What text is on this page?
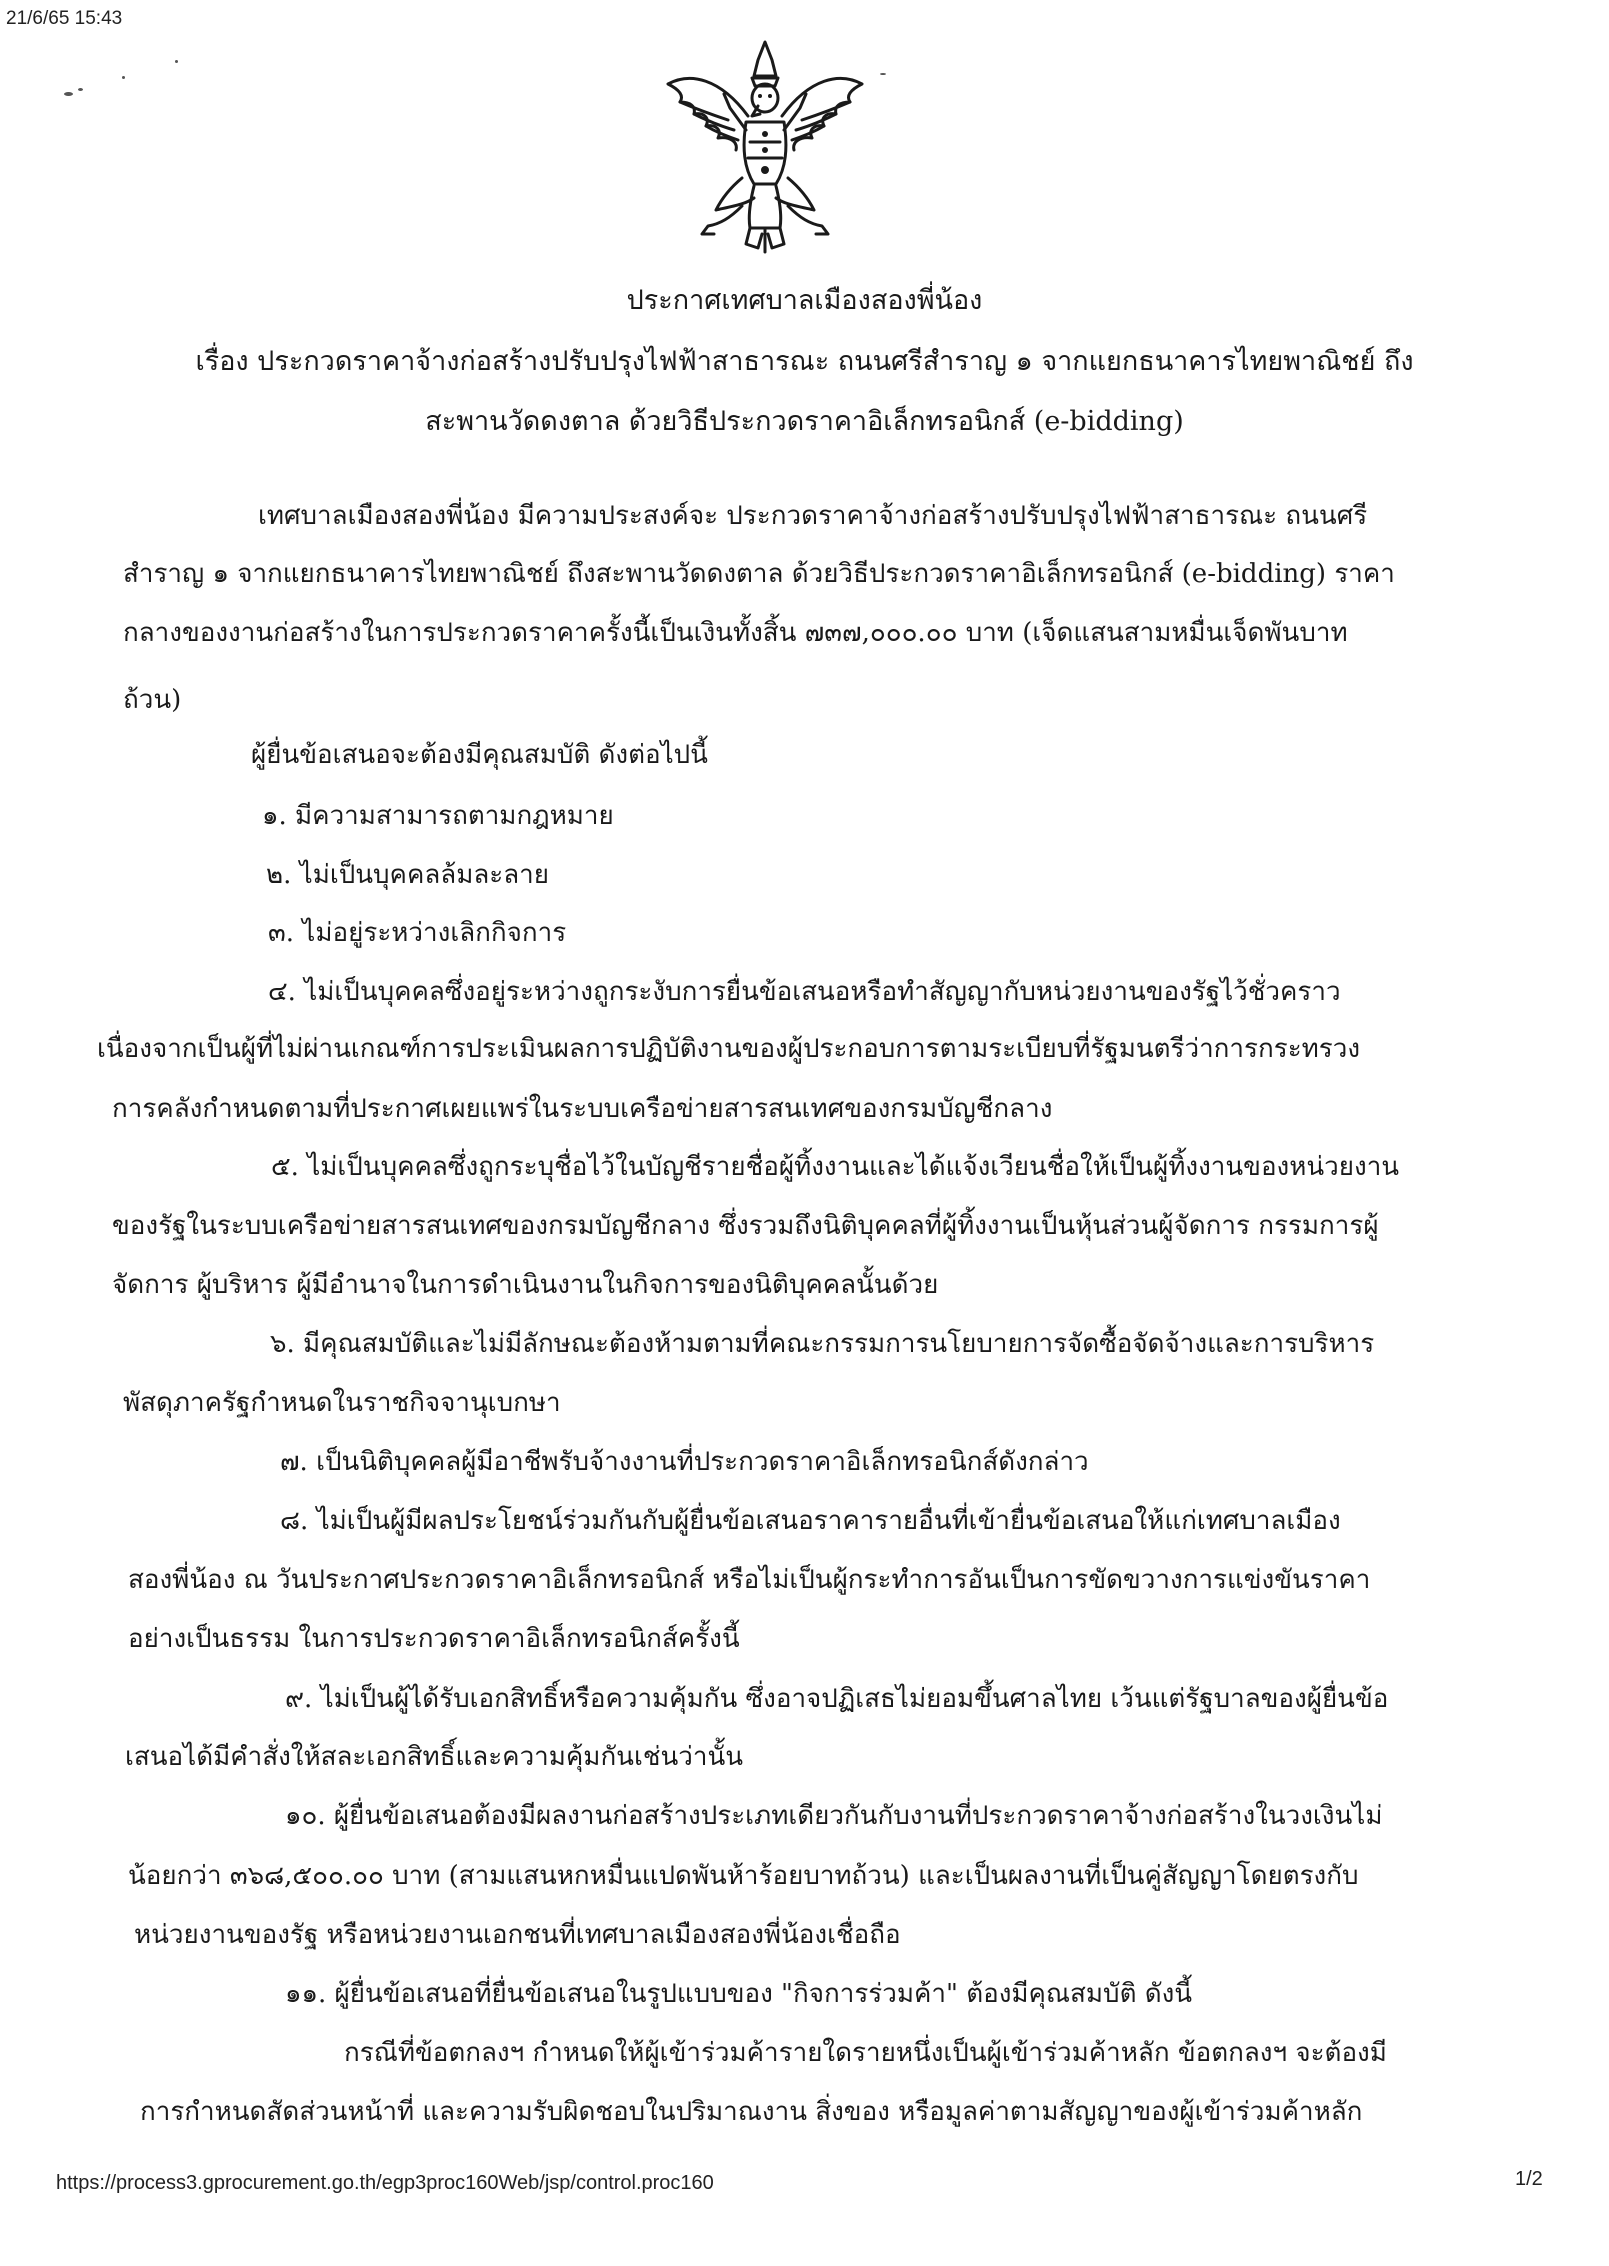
21/6/65 15:43
ประกาศเทศบาลเมืองสองพี่น้อง
เรื่อง ประกวดราคาจ้างก่อสร้างปรับปรุงไฟฟ้าสาธารณะ ถนนศรีสำราญ ๑ จากแยกธนาคารไทยพาณิชย์ ถึง
สะพานวัดดงตาล ด้วยวิธีประกวดราคาอิเล็กทรอนิกส์ (e-bidding)
เทศบาลเมืองสองพี่น้อง มีความประสงค์จะ ประกวดราคาจ้างก่อสร้างปรับปรุงไฟฟ้าสาธารณะ ถนนศรี
สำราญ ๑ จากแยกธนาคารไทยพาณิชย์ ถึงสะพานวัดดงตาล ด้วยวิธีประกวดราคาอิเล็กทรอนิกส์ (e-bidding) ราคา
กลางของงานก่อสร้างในการประกวดราคาครั้งนี้เป็นเงินทั้งสิ้น ๗๓๗,๐๐๐.๐๐ บาท (เจ็ดแสนสามหมื่นเจ็ดพันบาท
ถ้วน)
ผู้ยื่นข้อเสนอจะต้องมีคุณสมบัติ ดังต่อไปนี้
๑. มีความสามารถตามกฎหมาย
๒. ไม่เป็นบุคคลล้มละลาย
๓. ไม่อยู่ระหว่างเลิกกิจการ
๔. ไม่เป็นบุคคลซึ่งอยู่ระหว่างถูกระงับการยื่นข้อเสนอหรือทำสัญญากับหน่วยงานของรัฐไว้ชั่วคราว
เนื่องจากเป็นผู้ที่ไม่ผ่านเกณฑ์การประเมินผลการปฏิบัติงานของผู้ประกอบการตามระเบียบที่รัฐมนตรีว่าการกระทรวง
การคลังกำหนดตามที่ประกาศเผยแพร่ในระบบเครือข่ายสารสนเทศของกรมบัญชีกลาง
๕. ไม่เป็นบุคคลซึ่งถูกระบุชื่อไว้ในบัญชีรายชื่อผู้ทิ้งงานและได้แจ้งเวียนชื่อให้เป็นผู้ทิ้งงานของหน่วยงาน
ของรัฐในระบบเครือข่ายสารสนเทศของกรมบัญชีกลาง ซึ่งรวมถึงนิติบุคคลที่ผู้ทิ้งงานเป็นหุ้นส่วนผู้จัดการ กรรมการผู้
จัดการ ผู้บริหาร ผู้มีอำนาจในการดำเนินงานในกิจการของนิติบุคคลนั้นด้วย
๖. มีคุณสมบัติและไม่มีลักษณะต้องห้ามตามที่คณะกรรมการนโยบายการจัดซื้อจัดจ้างและการบริหาร
พัสดุภาครัฐกำหนดในราชกิจจานุเบกษา
๗. เป็นนิติบุคคลผู้มีอาชีพรับจ้างงานที่ประกวดราคาอิเล็กทรอนิกส์ดังกล่าว
๘. ไม่เป็นผู้มีผลประโยชน์ร่วมกันกับผู้ยื่นข้อเสนอราคารายอื่นที่เข้ายื่นข้อเสนอให้แก่เทศบาลเมือง
สองพี่น้อง ณ วันประกาศประกวดราคาอิเล็กทรอนิกส์ หรือไม่เป็นผู้กระทำการอันเป็นการขัดขวางการแข่งขันราคา
อย่างเป็นธรรม ในการประกวดราคาอิเล็กทรอนิกส์ครั้งนี้
๙. ไม่เป็นผู้ได้รับเอกสิทธิ์หรือความคุ้มกัน ซึ่งอาจปฏิเสธไม่ยอมขึ้นศาลไทย เว้นแต่รัฐบาลของผู้ยื่นข้อ
เสนอได้มีคำสั่งให้สละเอกสิทธิ์และความคุ้มกันเช่นว่านั้น
๑๐. ผู้ยื่นข้อเสนอต้องมีผลงานก่อสร้างประเภทเดียวกันกับงานที่ประกวดราคาจ้างก่อสร้างในวงเงินไม่
น้อยกว่า ๓๖๘,๕๐๐.๐๐ บาท (สามแสนหกหมื่นแปดพันห้าร้อยบาทถ้วน) และเป็นผลงานที่เป็นคู่สัญญาโดยตรงกับ
หน่วยงานของรัฐ หรือหน่วยงานเอกชนที่เทศบาลเมืองสองพี่น้องเชื่อถือ
๑๑. ผู้ยื่นข้อเสนอที่ยื่นข้อเสนอในรูปแบบของ "กิจการร่วมค้า" ต้องมีคุณสมบัติ ดังนี้
กรณีที่ข้อตกลงฯ กำหนดให้ผู้เข้าร่วมค้ารายใดรายหนึ่งเป็นผู้เข้าร่วมค้าหลัก ข้อตกลงฯ จะต้องมี
การกำหนดสัดส่วนหน้าที่ และความรับผิดชอบในปริมาณงาน สิ่งของ หรือมูลค่าตามสัญญาของผู้เข้าร่วมค้าหลัก
https://process3.gprocurement.go.th/egp3proc160Web/jsp/control.proc160	1/2
